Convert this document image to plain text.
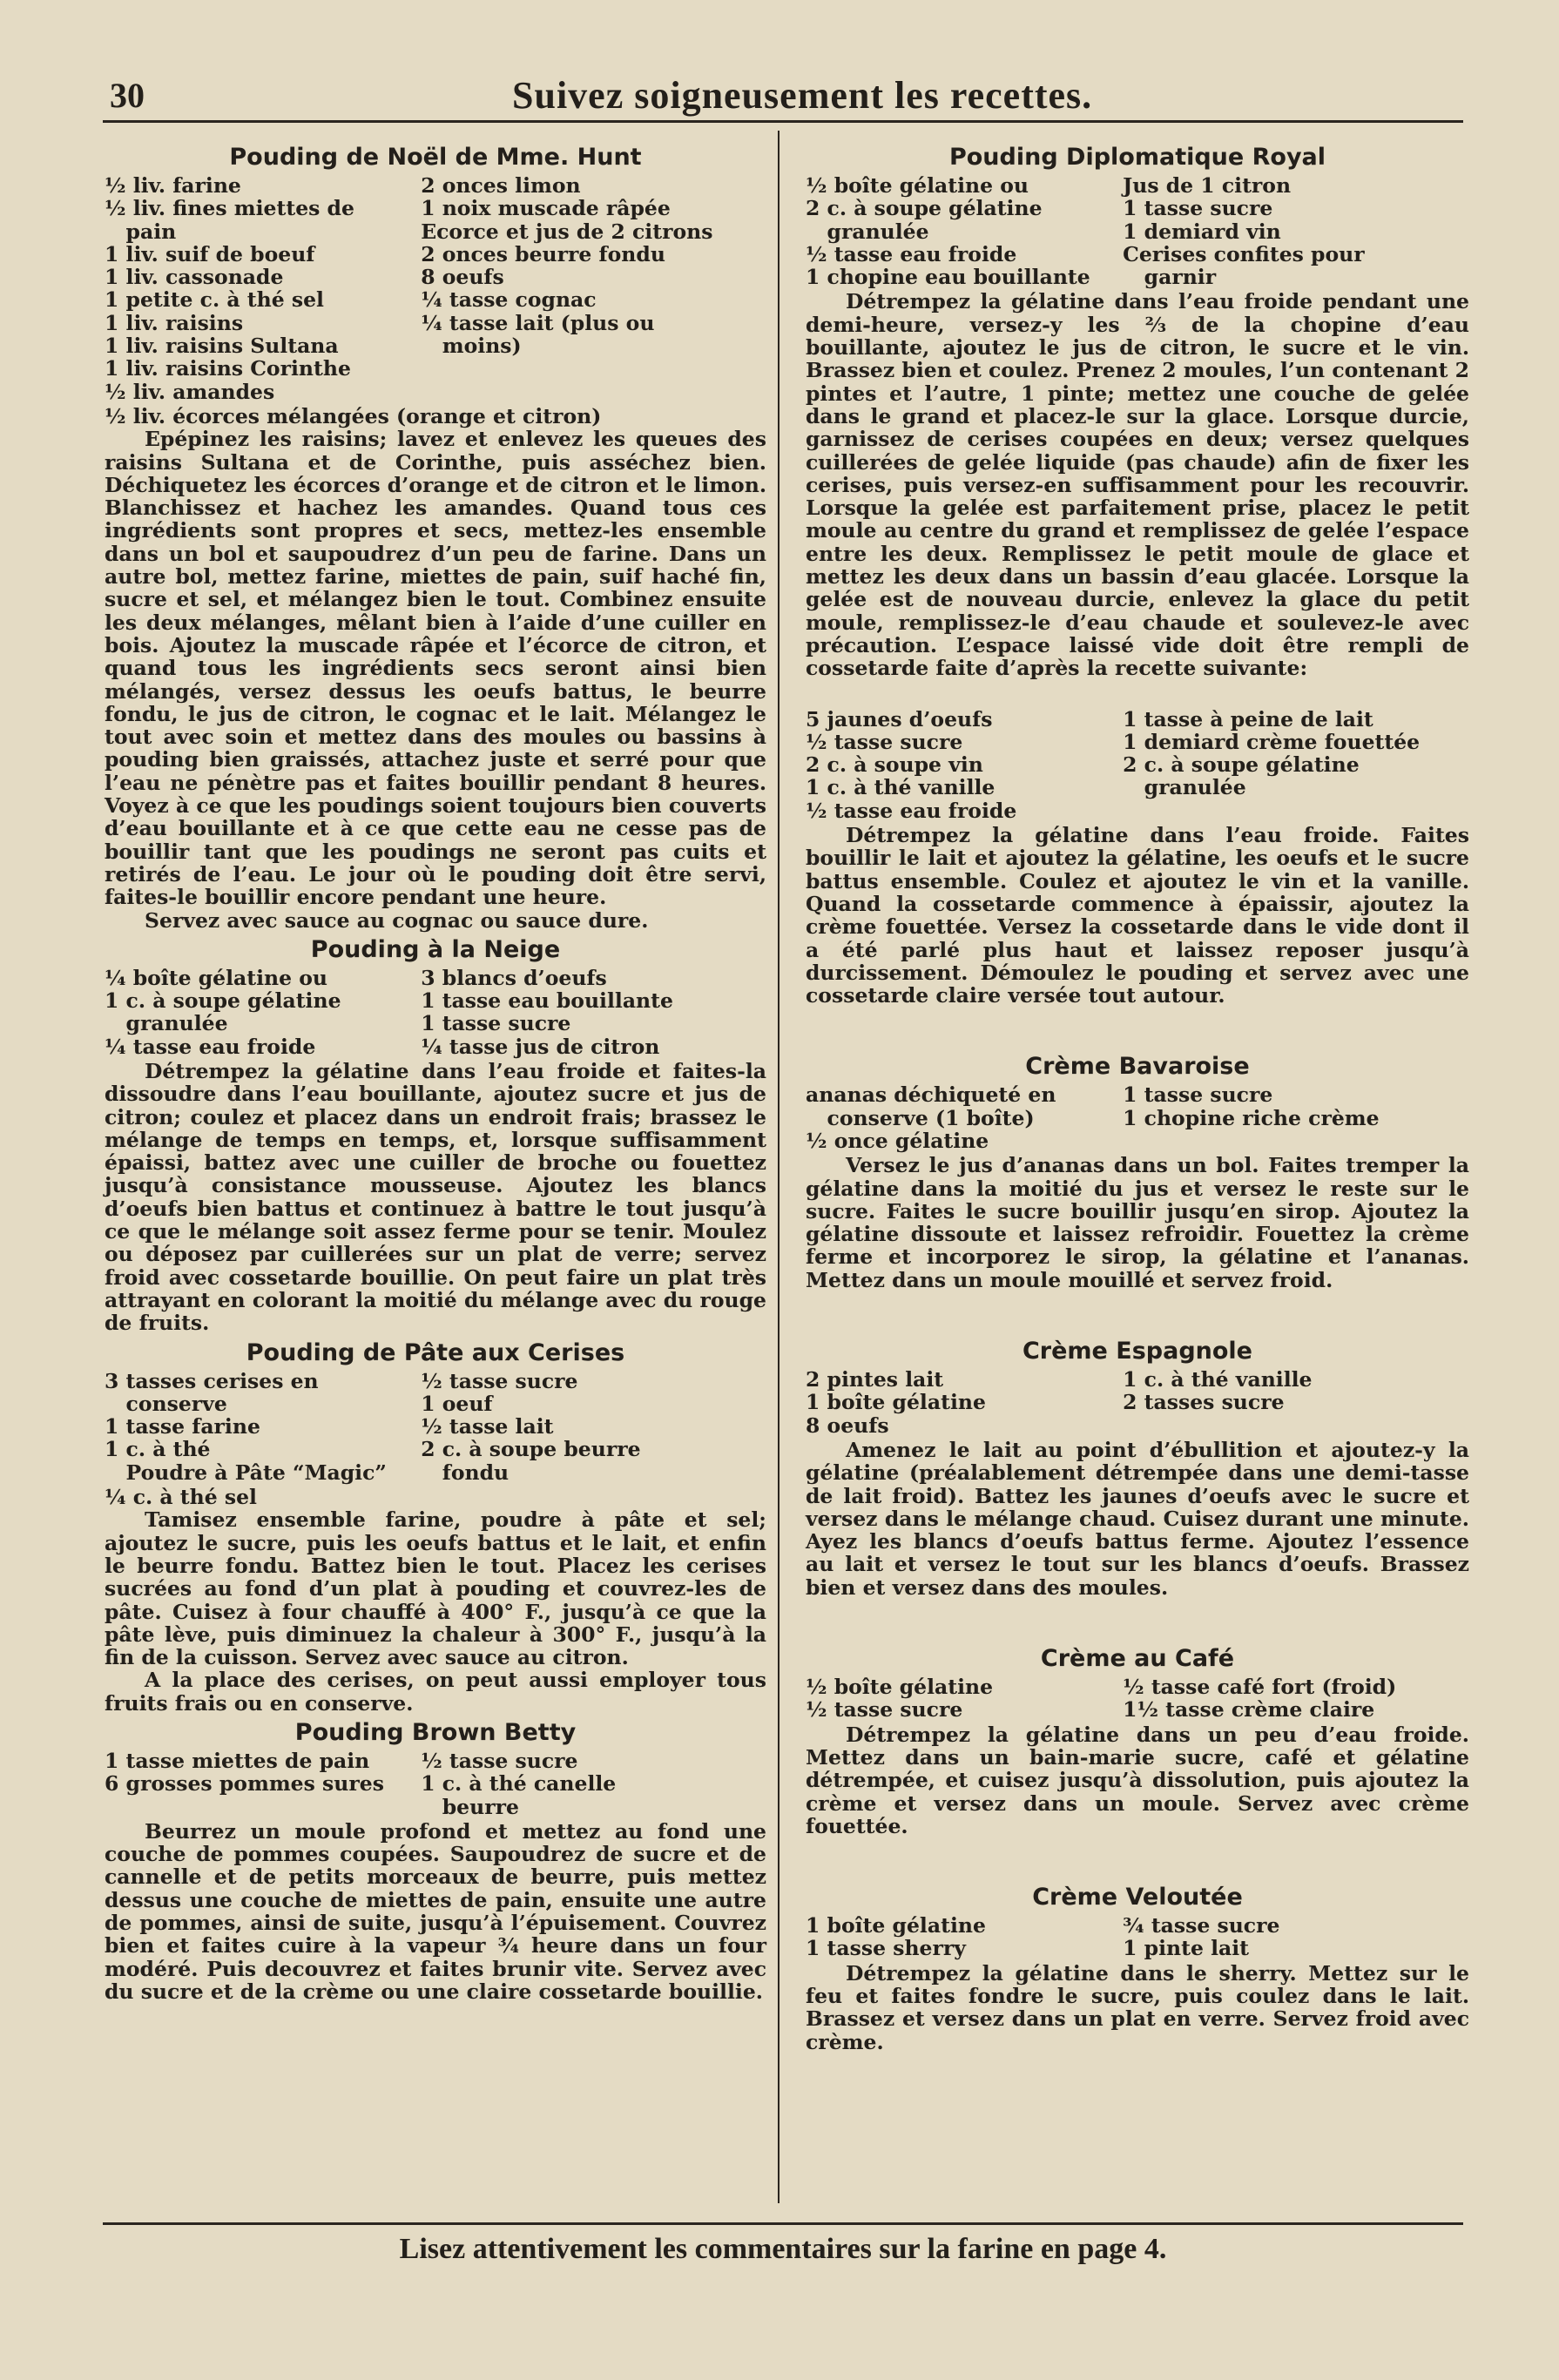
30	Suivez soigneusement les recettes.
Pouding de Noël de Mme. Hunt
½ liv. farine
½ liv. fines miettes de
pain
1 liv. suif de boeuf
1 liv. cassonade
1 petite c. à thé sel
1 liv. raisins
1 liv. raisins Sultana
1 liv. raisins Corinthe
½ liv. amandes
2 onces limon
1 noix muscade râpée
Ecorce et jus de 2 citrons
2 onces beurre fondu
8 oeufs
¼ tasse cognac
¼ tasse lait (plus ou
moins)
½ liv. écorces mélangées (orange et citron)

Epépinez les raisins; lavez et enlevez les queues des raisins Sultana et de Corinthe, puis asséchez bien. Déchiquetez les écorces d’orange et de citron et le limon. Blanchissez et hachez les amandes. Quand tous ces ingrédients sont propres et secs, mettez-les ensemble dans un bol et saupoudrez d’un peu de farine. Dans un autre bol, mettez farine, miettes de pain, suif haché fin, sucre et sel, et mélangez bien le tout. Combinez ensuite les deux mélanges, mêlant bien à l’aide d’une cuiller en bois. Ajoutez la muscade râpée et l’écorce de citron, et quand tous les ingrédients secs seront ainsi bien mélangés, versez dessus les oeufs battus, le beurre fondu, le jus de citron, le cognac et le lait. Mélangez le tout avec soin et mettez dans des moules ou bassins à pouding bien graissés, attachez juste et serré pour que l’eau ne pénètre pas et faites bouillir pendant 8 heures. Voyez à ce que les poudings soient toujours bien couverts d’eau bouillante et à ce que cette eau ne cesse pas de bouillir tant que les poudings ne seront pas cuits et retirés de l’eau. Le jour où le pouding doit être servi, faites-le bouillir encore pendant une heure.

Servez avec sauce au cognac ou sauce dure.

Pouding à la Neige
¼ boîte gélatine ou
1 c. à soupe gélatine
granulée
¼ tasse eau froide
3 blancs d’oeufs
1 tasse eau bouillante
1 tasse sucre
¼ tasse jus de citron

Détrempez la gélatine dans l’eau froide et faites-la dissoudre dans l’eau bouillante, ajoutez sucre et jus de citron; coulez et placez dans un endroit frais; brassez le mélange de temps en temps, et, lorsque suffisamment épaissi, battez avec une cuiller de broche ou fouettez jusqu’à consistance mousseuse. Ajoutez les blancs d’oeufs bien battus et continuez à battre le tout jusqu’à ce que le mélange soit assez ferme pour se tenir. Moulez ou déposez par cuillerées sur un plat de verre; servez froid avec cossetarde bouillie. On peut faire un plat très attrayant en colorant la moitié du mélange avec du rouge de fruits.

Pouding de Pâte aux Cerises
3 tasses cerises en
conserve
1 tasse farine
1 c. à thé
Poudre à Pâte “Magic”
½ tasse sucre
1 oeuf
½ tasse lait
2 c. à soupe beurre
fondu
¼ c. à thé sel

Tamisez ensemble farine, poudre à pâte et sel; ajoutez le sucre, puis les oeufs battus et le lait, et enfin le beurre fondu. Battez bien le tout. Placez les cerises sucrées au fond d’un plat à pouding et couvrez-les de pâte. Cuisez à four chauffé à 400° F., jusqu’à ce que la pâte lève, puis diminuez la chaleur à 300° F., jusqu’à la fin de la cuisson. Servez avec sauce au citron.

A la place des cerises, on peut aussi employer tous fruits frais ou en conserve.

Pouding Brown Betty
1 tasse miettes de pain
6 grosses pommes sures
½ tasse sucre
1 c. à thé canelle
beurre

Beurrez un moule profond et mettez au fond une couche de pommes coupées. Saupoudrez de sucre et de cannelle et de petits morceaux de beurre, puis mettez dessus une couche de miettes de pain, ensuite une autre de pommes, ainsi de suite, jusqu’à l’épuisement. Couvrez bien et faites cuire à la vapeur ¾ heure dans un four modéré. Puis decouvrez et faites brunir vite. Servez avec du sucre et de la crème ou une claire cossetarde bouillie.

Pouding Diplomatique Royal
½ boîte gélatine ou
2 c. à soupe gélatine
granulée
½ tasse eau froide
1 chopine eau bouillante
Jus de 1 citron
1 tasse sucre
1 demiard vin
Cerises confites pour
garnir

Détrempez la gélatine dans l’eau froide pendant une demi-heure, versez-y les ⅔ de la chopine d’eau bouillante, ajoutez le jus de citron, le sucre et le vin. Brassez bien et coulez. Prenez 2 moules, l’un contenant 2 pintes et l’autre, 1 pinte; mettez une couche de gelée dans le grand et placez-le sur la glace. Lorsque durcie, garnissez de cerises coupées en deux; versez quelques cuillerées de gelée liquide (pas chaude) afin de fixer les cerises, puis versez-en suffisamment pour les recouvrir. Lorsque la gelée est parfaitement prise, placez le petit moule au centre du grand et remplissez de gelée l’espace entre les deux. Remplissez le petit moule de glace et mettez les deux dans un bassin d’eau glacée. Lorsque la gelée est de nouveau durcie, enlevez la glace du petit moule, remplissez-le d’eau chaude et soulevez-le avec précaution. L’espace laissé vide doit être rempli de cossetarde faite d’après la recette suivante:

5 jaunes d’oeufs
½ tasse sucre
2 c. à soupe vin
1 c. à thé vanille
½ tasse eau froide
1 tasse à peine de lait
1 demiard crème fouettée
2 c. à soupe gélatine
granulée

Détrempez la gélatine dans l’eau froide. Faites bouillir le lait et ajoutez la gélatine, les oeufs et le sucre battus ensemble. Coulez et ajoutez le vin et la vanille. Quand la cossetarde commence à épaissir, ajoutez la crème fouettée. Versez la cossetarde dans le vide dont il a été parlé plus haut et laissez reposer jusqu’à durcissement. Démoulez le pouding et servez avec une cossetarde claire versée tout autour.

Crème Bavaroise
ananas déchiqueté en
conserve (1 boîte)
½ once gélatine
1 tasse sucre
1 chopine riche crème

Versez le jus d’ananas dans un bol. Faites tremper la gélatine dans la moitié du jus et versez le reste sur le sucre. Faites le sucre bouillir jusqu’en sirop. Ajoutez la gélatine dissoute et laissez refroidir. Fouettez la crème ferme et incorporez le sirop, la gélatine et l’ananas. Mettez dans un moule mouillé et servez froid.

Crème Espagnole
2 pintes lait
1 boîte gélatine
8 oeufs
1 c. à thé vanille
2 tasses sucre

Amenez le lait au point d’ébullition et ajoutez-y la gélatine (préalablement détrempée dans une demi-tasse de lait froid). Battez les jaunes d’oeufs avec le sucre et versez dans le mélange chaud. Cuisez durant une minute. Ayez les blancs d’oeufs battus ferme. Ajoutez l’essence au lait et versez le tout sur les blancs d’oeufs. Brassez bien et versez dans des moules.

Crème au Café
½ boîte gélatine
½ tasse sucre
½ tasse café fort (froid)
1½ tasse crème claire

Détrempez la gélatine dans un peu d’eau froide. Mettez dans un bain-marie sucre, café et gélatine détrempée, et cuisez jusqu’à dissolution, puis ajoutez la crème et versez dans un moule. Servez avec crème fouettée.

Crème Veloutée
1 boîte gélatine
1 tasse sherry
¾ tasse sucre
1 pinte lait

Détrempez la gélatine dans le sherry. Mettez sur le feu et faites fondre le sucre, puis coulez dans le lait. Brassez et versez dans un plat en verre. Servez froid avec crème.

Lisez attentivement les commentaires sur la farine en page 4.
